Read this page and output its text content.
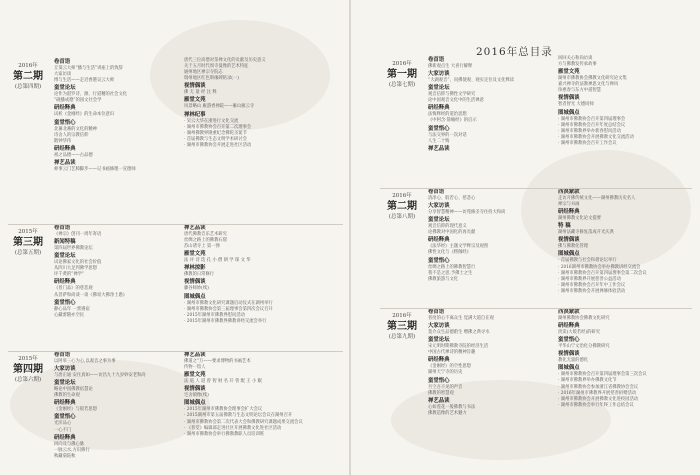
2016年总目录
2016年
第二期
(总第四期)
卷首语
丘葵云大师“播与生活”讲座上的致辞
大家访谈
博与生活——走近香港吴云大师
蛮堂论坛
论作为湛罗诗、源、行道精的社会文化
“砚播成德”的国文社会学
研经释典
试析《金刚经》的生命本位意识
蛮堂悟心
北蕃北蕃的文化的精神
诗舍人的宗教信仰
散钟华伟
研经释典
祖之品德——古品德
禅艺品读
师事云门艺肺脚步——记书画修理一宣德师
唐代三位高僧对茶禅文化的贡献及历史意义
关于五月时代周寺曼像的艺术特征
通州地区禅宗寺院志
瑞州地区红色斯缘碑铭录(一)
视情偶谈
佛 无 量 经 注 释
雁堂文苑
风景略山 雁游香禅院——雁山雁云寺
禅林纪事
· 吴云大华在浙进行文化交流
· 湖州市佛教协会召开第二次理事会
· 湖州佛教界隆重纪念佛陀圣诞节
· 首届佛教与生态文明学术研讨会
· 湖州市佛教协会开展走进社区活动
2015年
第三期
(总第五期)
卷首语
《禅宗》创刊一周年寄语
新闻特稿
第四届世界佛教论坛
蛮堂论坛
试论佛家文化的社会价值
从四川大足到佛学思想
评千黄的“禅学”
研经释典
《普门品》的慈悲观
从菩萨和尚谈一谈《佛说大佛净土愚》
蛮堂悟心
静心品年 一蕾遇宿
心藏蕾随亦空民
禅艺品读
唐代佛教音乐艺术研究
丝绸之路上的佛教石窟
苏山诸寺上 第一弹
雁堂文苑
法 评 诗 选 孔 小 僧 朗 学 琛 文 华
禅林掠影
佛教的日常修行
视情偶谈
藤谷师妙(续)
图城偶点
· 湖州市佛教文化研究课题启动仪式在湖州举行
· 湖州市佛教协会第三届理事会第四次会议召开
· 2015年湖州市佛教界慰问活动
· 2015年湖州市佛教界佛教讲经交流会举行
2015年
第四期
(总第六期)
卷首语
以阿皋三心为心,以观音之事为事
大家访谈
与唐正通 安住真如——访昌九十九岁妙安老和尚
蛮堂论坛
略论中国佛教宿慧论
佛教的生命观
研经释典
《金刚经》与般若思想
蛮堂悟心
光洋品心
一心不门
研经释典
回向及与佛心脉
一脉云水,方识修行
秋藏菊院秋
禅艺品读
佛道之“万——要求博物的书画艺术
传物一馆人
雁堂文苑
法 道 人 道 曾 智 财 名 开 曾 配 王 小 眠
视情偶谈
宅舍镇像(续)
图城偶点
· 2015年湖州市佛教协会理事会扩大会议
· 2015湖州市第五届佛教与生态文明论坛会议在湖州召开
· 湖州市佛教协会第二次代表大会和佛教研究课题成果交流会议
· 《普觉》编辑部走进社区开展佛教文化进社区活动
· 湖州市佛教协会举行佛教教职人员培训班
2016年
第一期
(总第七期)
卷首语
佛新观点生 大喜行解释
大家访谈
“大湖观音”、问佛使观、观实定位及文化释读
蛮堂论坛
观音信仰与佛性文学研究
论中国观音文化中的生活禅意
研经释典
法悔释经的道治思想
《中阿含·箭喻经》的启示
蛮堂悟心
与法交界的一次对话
人生二十悔
禅艺品读
回回关心和尚访谈
方与佛教发传承故事
雁堂文苑
湖州市佛教协会佛教文化研究论文集
嘉兴禅寺的法教禅思文化与禅风
珍惠春与东方中道智慧
视情偶谈
智者智光 大德同师
图城偶点
· 湖州市佛教协会召开第四届理事会
· 湖州市佛教协会召开年度总结会议
· 湖州市佛教界举办新春慰问活动
· 湖州市佛教协会开展佛教文化交流活动
· 湖州市佛教协会召开工作会议
2016年
第二期
(总第八期)
卷首语
清净心、般若心、慈悲心
大家访谈
分享智慧精神——访苑修圣寺住持大和尚
蛮堂论坛
观音信仰的现代意义
论佛教对中国化的再贡献
研经释典
《法华经》主题文学释宗及观照
佛性文化与《楞伽经》
蛮堂悟心
丝绸之路上的佛教智慧行
我不是之思,予佛士之生
佛教旅游与文化
西溟蒙款
走访开佛传统文化——湖州佛教历史名人
禅宗与书画
研经释典
湖州佛教文化论文提要
特 稿
湖州法藏寺修复落成开光庆典
视情偶谈
佛与佛教化管理
图城偶点
· 首届佛教与社会和谐论坛举行
· 2016湖州市佛教协会举办佛教讲经交流会
· 湖州市佛教协会召开第四届理事会第二次会议
· 湖州市佛教界开展慈善公益活动
· 湖州市佛教协会召开年中工作会议
· 湖州市佛教协会开展禅修体验活动
2016年
第三期
(总第九期)
卷首语
普度的心不离众生 觉满大道自在观
大家访谈
莫介众生品德蔚生 赠佛之典寻水
蛮堂论坛
宋元明时期佛教寺院的经济生活
中国古代禅诗的精神旨趣
研经释典
《金刚经》的空性思想
湖州天宁寺的历史
蛮堂悟心
吾空吾不见的声音
佛教的智慧观
禅艺品读
心如莲花一般佛教与书法
佛教造像的艺术魅力
西溟蒙款
湖州佛教协会佛教文化研究
研经释典
淡读(大般若经)的研究
蛮堂悟心
平华山宁文治化分佛教研究
视情偶谈
教化无量的德化
图城偶点
· 湖州市佛教协会召开第四届理事会第三次会议
· 湖州市佛教界举办佛教文化节
· 湖州市佛教协会参加浙江省佛教协会会议
· 2016年湖州市佛教界开展慈善捐赠活动
· 湖州市佛教协会开展佛教文化进校园活动
· 湖州市佛教协会举行年终工作总结会议
